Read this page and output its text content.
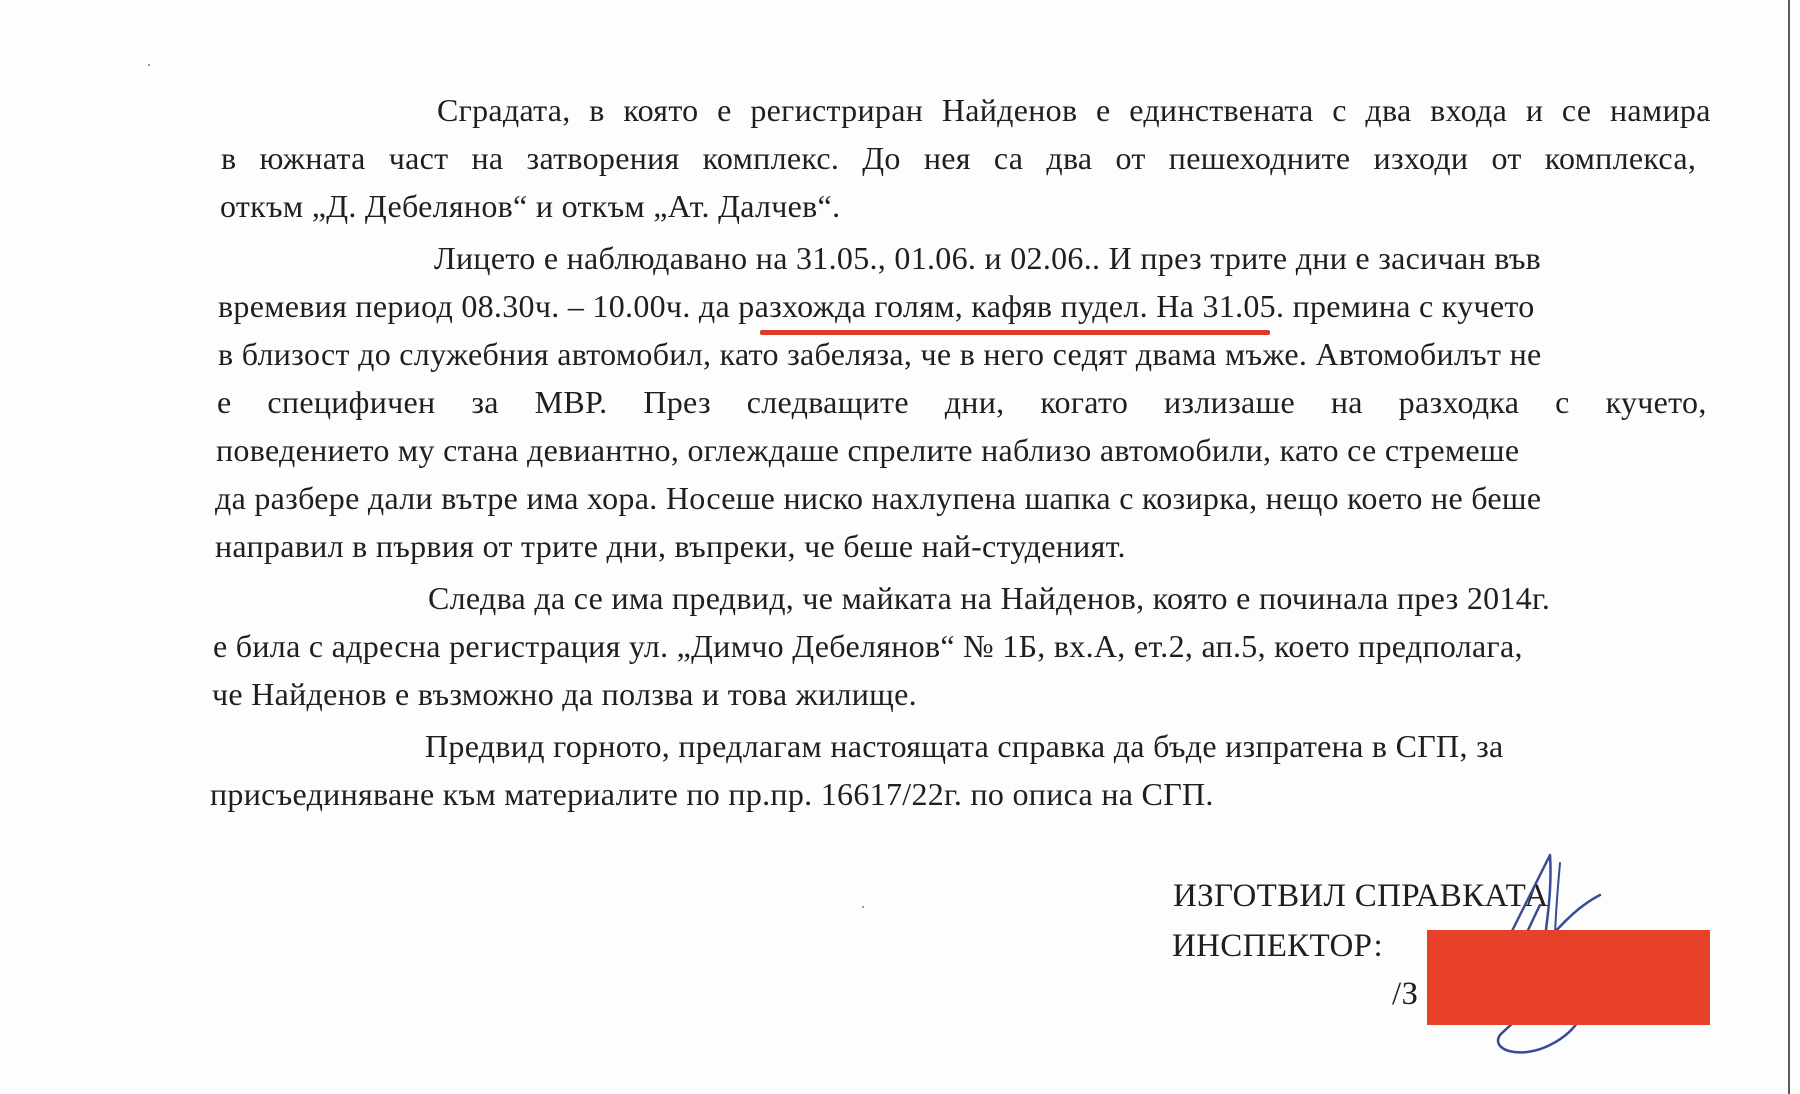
Сградата, в която е регистриран Найденов е единствената с два входа и се намира
в южната част на затворения комплекс. До нея са два от пешеходните изходи от комплекса,
откъм „Д. Дебелянов“ и откъм „Ат. Далчев“.
Лицето е наблюдавано на 31.05., 01.06. и 02.06.. И през трите дни е засичан във
времевия период 08.30ч. – 10.00ч. да разхожда голям, кафяв пудел. На 31.05. премина с кучето
в близост до служебния автомобил, като забеляза, че в него седят двама мъже. Автомобилът не
е специфичен за МВР. През следващите дни, когато излизаше на разходка с кучето,
поведението му стана девиантно, оглеждаше спрелите наблизо автомобили, като се стремеше
да разбере дали вътре има хора. Носеше ниско нахлупена шапка с козирка, нещо което не беше
направил в първия от трите дни, въпреки, че беше най-студеният.
Следва да се има предвид, че майката на Найденов, която е починала през 2014г.
е била с адресна регистрация ул. „Димчо Дебелянов“ № 1Б, вх.А, ет.2, ап.5, което предполага,
че Найденов е възможно да ползва и това жилище.
Предвид горното, предлагам настоящата справка да бъде изпратена в СГП, за
присъединяване към материалите по пр.пр. 16617/22г. по описа на СГП.
ИЗГОТВИЛ СПРАВКАТА
ИНСПЕКТОР:
/З
